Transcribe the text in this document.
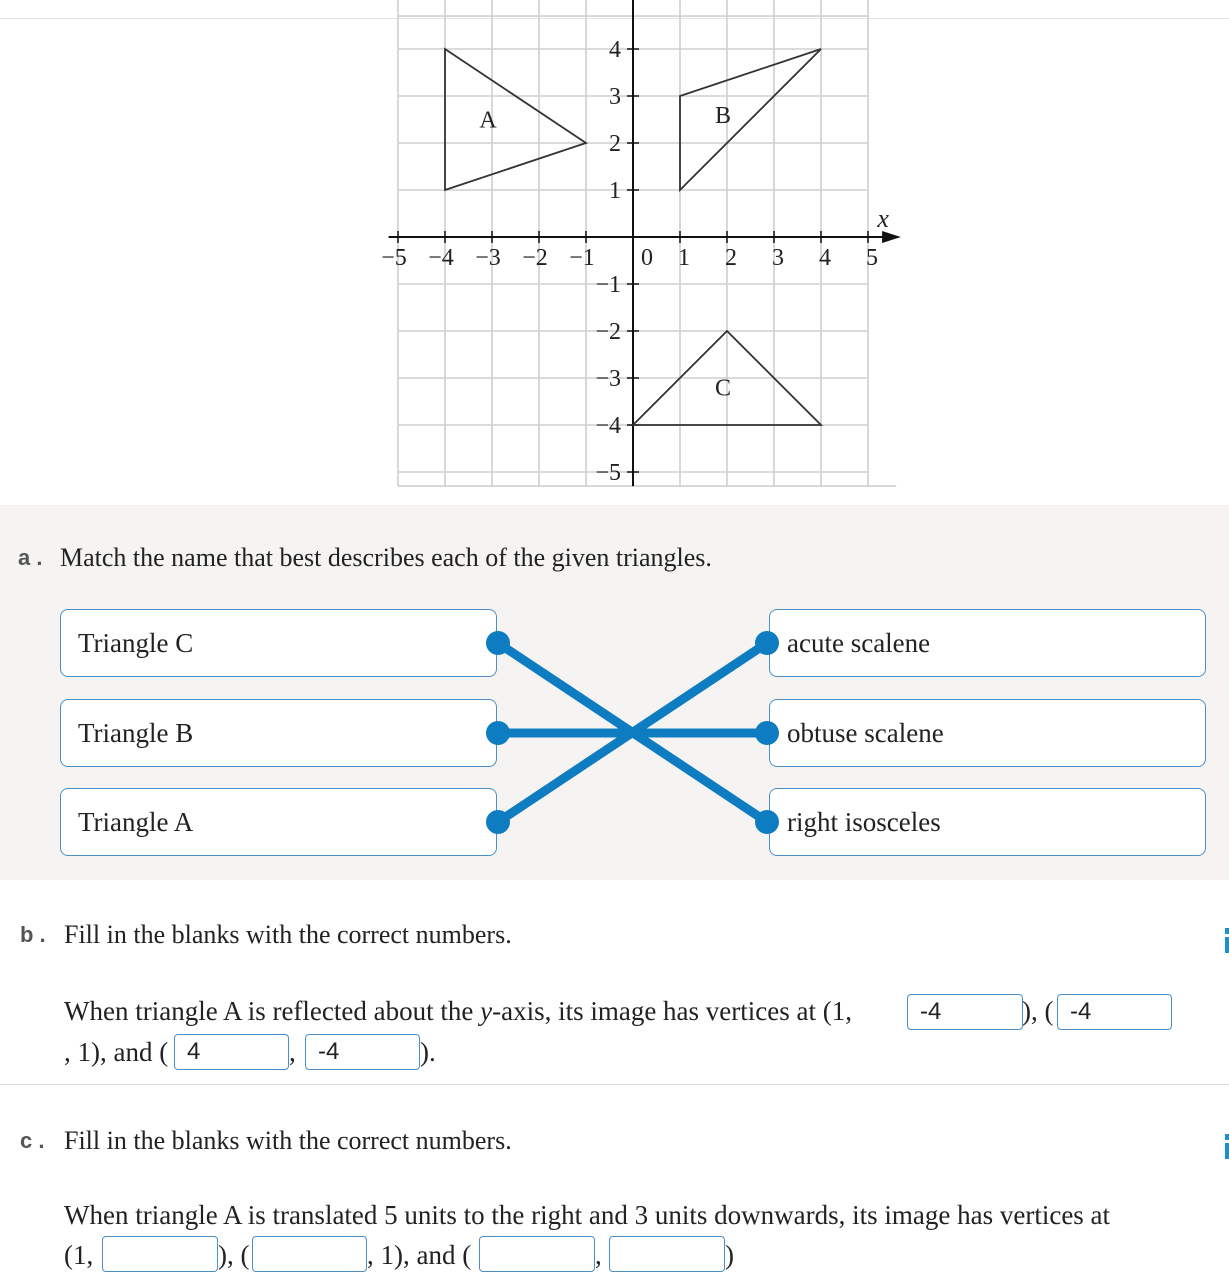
A	B
C
−5 −4 −3 −2 −1 0 1 2 3 4 5
4
3
2
1
−1
−2
−3
−4
−5
x
a . Match the name that best describes each of the given triangles.
Triangle C
Triangle B
Triangle A
acute scalene
obtuse scalene
right isosceles
b . Fill in the blanks with the correct numbers.
When triangle A is reflected about the y-axis, its image has vertices at (1,	-4	), ( -4
, 1), and ( 4	, -4	).
c . Fill in the blanks with the correct numbers.
When triangle A is translated 5 units to the right and 3 units downwards, its image has vertices at
(1,	), (	, 1), and (	,	)
